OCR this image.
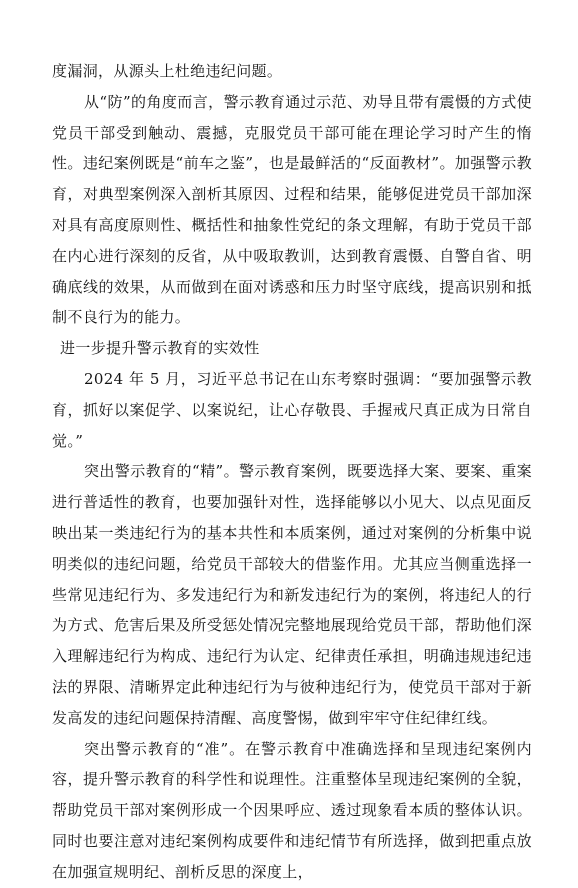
度漏洞，从源头上杜绝违纪问题。

从“防”的角度而言，警示教育通过示范、劝导且带有震慑的方式使党员干部受到触动、震撼，克服党员干部可能在理论学习时产生的惰性。违纪案例既是“前车之鉴”，也是最鲜活的“反面教材”。加强警示教育，对典型案例深入剖析其原因、过程和结果，能够促进党员干部加深对具有高度原则性、概括性和抽象性党纪的条文理解，有助于党员干部在内心进行深刻的反省，从中吸取教训，达到教育震慑、自警自省、明确底线的效果，从而做到在面对诱惑和压力时坚守底线，提高识别和抵制不良行为的能力。

进一步提升警示教育的实效性

2024 年 5 月，习近平总书记在山东考察时强调：“要加强警示教育，抓好以案促学、以案说纪，让心存敬畏、手握戒尺真正成为日常自觉。”

突出警示教育的“精”。警示教育案例，既要选择大案、要案、重案进行普适性的教育，也要加强针对性，选择能够以小见大、以点见面反映出某一类违纪行为的基本共性和本质案例，通过对案例的分析集中说明类似的违纪问题，给党员干部较大的借鉴作用。尤其应当侧重选择一些常见违纪行为、多发违纪行为和新发违纪行为的案例，将违纪人的行为方式、危害后果及所受惩处情况完整地展现给党员干部，帮助他们深入理解违纪行为构成、违纪行为认定、纪律责任承担，明确违规违纪违法的界限、清晰界定此种违纪行为与彼种违纪行为，使党员干部对于新发高发的违纪问题保持清醒、高度警惕，做到牢牢守住纪律红线。

突出警示教育的“准”。在警示教育中准确选择和呈现违纪案例内容，提升警示教育的科学性和说理性。注重整体呈现违纪案例的全貌，帮助党员干部对案例形成一个因果呼应、透过现象看本质的整体认识。同时也要注意对违纪案例构成要件和违纪情节有所选择，做到把重点放在加强宣规明纪、剖析反思的深度上，
